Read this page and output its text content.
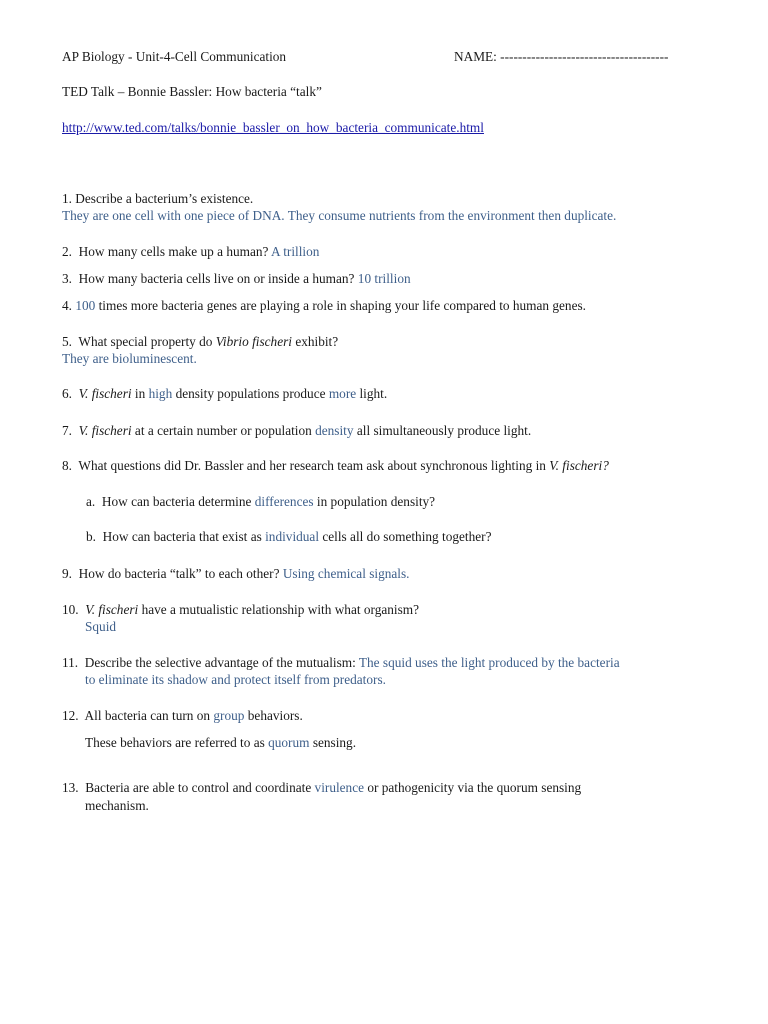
AP Biology - Unit-4-Cell Communication	NAME: --------------------------------------
TED Talk – Bonnie Bassler: How bacteria “talk”
http://www.ted.com/talks/bonnie_bassler_on_how_bacteria_communicate.html
1. Describe a bacterium’s existence.
They are one cell with one piece of DNA. They consume nutrients from the environment then duplicate.
2. How many cells make up a human? A trillion
3. How many bacteria cells live on or inside a human? 10 trillion
4. 100 times more bacteria genes are playing a role in shaping your life compared to human genes.
5. What special property do Vibrio fischeri exhibit?
They are bioluminescent.
6. V. fischeri in high density populations produce more light.
7. V. fischeri at a certain number or population density all simultaneously produce light.
8. What questions did Dr. Bassler and her research team ask about synchronous lighting in V. fischeri?
a. How can bacteria determine differences in population density?
b. How can bacteria that exist as individual cells all do something together?
9. How do bacteria “talk” to each other? Using chemical signals.
10. V. fischeri have a mutualistic relationship with what organism?
Squid
11. Describe the selective advantage of the mutualism: The squid uses the light produced by the bacteria
to eliminate its shadow and protect itself from predators.
12. All bacteria can turn on group behaviors.
These behaviors are referred to as quorum sensing.
13. Bacteria are able to control and coordinate virulence or pathogenicity via the quorum sensing
mechanism.
